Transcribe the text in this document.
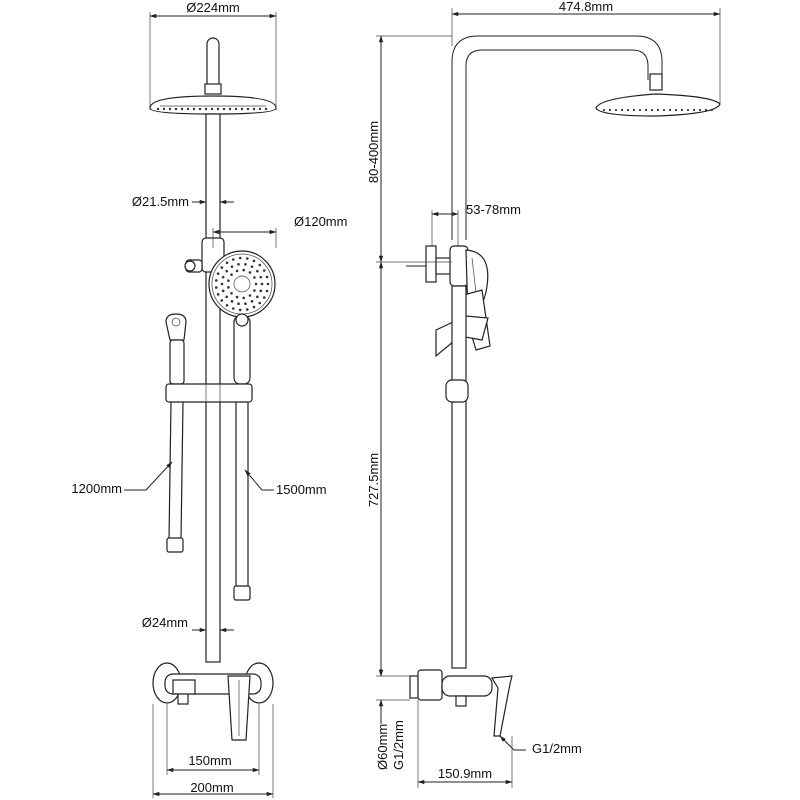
Ø224mm
Ø21.5mm
Ø120mm
1200mm	1500mm
Ø24mm
150mm
200mm
474.8mm
80-400mm
53-78mm
727.5mm
Ø60mm G1/2mm	G1/2mm
150.9mm
